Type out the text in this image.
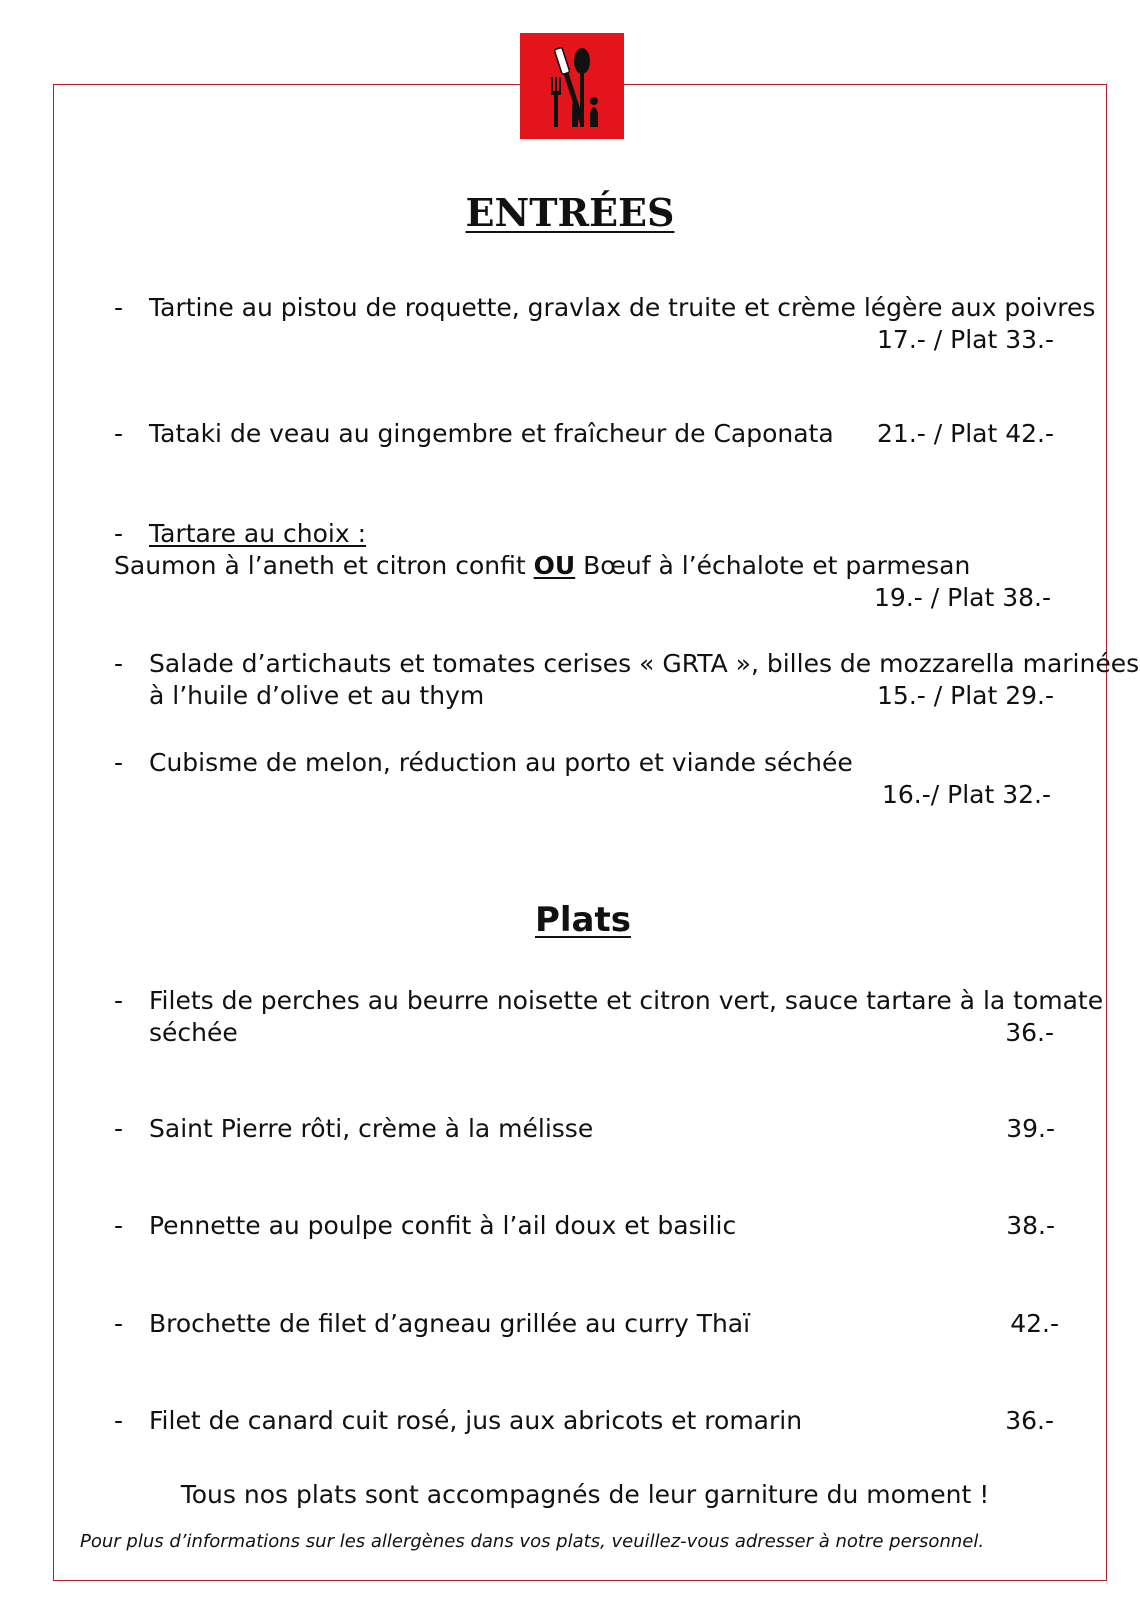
ENTRÉES
- Tartine au pistou de roquette, gravlax de truite et crème légère aux poivres
17.- / Plat 33.-
- Tataki de veau au gingembre et fraîcheur de Caponata 21.- / Plat 42.-
- Tartare au choix :
Saumon à l’aneth et citron confit OU Bœuf à l’échalote et parmesan
19.- / Plat 38.-
- Salade d’artichauts et tomates cerises « GRTA », billes de mozzarella marinées
à l’huile d’olive et au thym	15.- / Plat 29.-
- Cubisme de melon, réduction au porto et viande séchée
16.-/ Plat 32.-
Plats
- Filets de perches au beurre noisette et citron vert, sauce tartare à la tomate
séchée	36.-
- Saint Pierre rôti, crème à la mélisse	39.-
- Pennette au poulpe confit à l’ail doux et basilic	38.-
- Brochette de filet d’agneau grillée au curry Thaï	42.-
- Filet de canard cuit rosé, jus aux abricots et romarin	36.-
Tous nos plats sont accompagnés de leur garniture du moment !
Pour plus d’informations sur les allergènes dans vos plats, veuillez-vous adresser à notre personnel.
